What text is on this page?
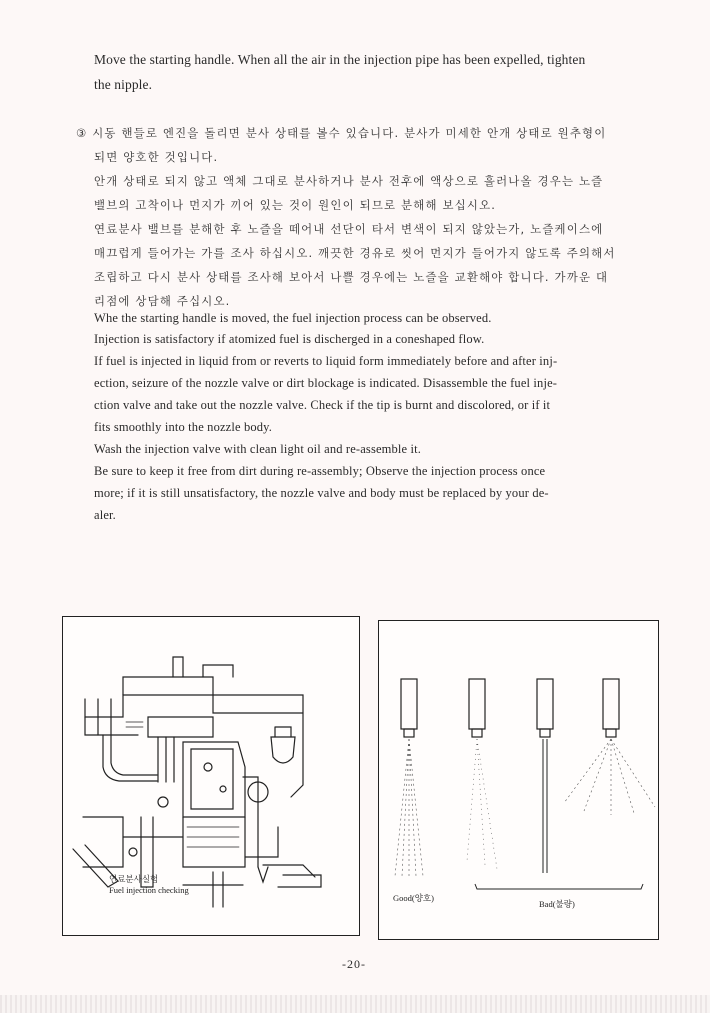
Move the starting handle. When all the air in the injection pipe has been expelled, tighten

the nipple.

③ 시동 핸들로 엔진을 돌리면 분사 상태를 볼수 있습니다. 분사가 미세한 안개 상태로 원추형이

되면 양호한 것입니다.

안개 상태로 되지 않고 액체 그대로 분사하거나 분사 전후에 액상으로 흘러나올 경우는 노즐

밸브의 고착이나 먼지가 끼어 있는 것이 원인이 되므로 분해해 보십시오.

연료분사 밸브를 분해한 후 노즐을 떼어내 선단이 타서 변색이 되지 않았는가, 노즐케이스에

매끄럽게 들어가는 가를 조사 하십시오. 깨끗한 경유로 씻어 먼지가 들어가지 않도록 주의해서

조립하고 다시 분사 상태를 조사해 보아서 나쁠 경우에는 노즐을 교환해야 합니다. 가까운 대

리점에 상담해 주십시오.

Whe the starting handle is moved, the fuel injection process can be observed.

Injection is satisfactory if atomized fuel is discherged in a coneshaped flow.

If fuel is injected in liquid from or reverts to liquid form immediately before and after inj-

ection, seizure of the nozzle valve or dirt blockage is indicated. Disassemble the fuel inje-

ction valve and take out the nozzle valve. Check if the tip is burnt and discolored, or if it

fits smoothly into the nozzle body.

Wash the injection valve with clean light oil and re-assemble it.

Be sure to keep it free from dirt during re-assembly; Observe the injection process once

more; if it is still unsatisfactory, the nozzle valve and body must be replaced by your de-

aler.

연료분사실험
Fuel injection checking
Good(양호)
Bad(불량)

-20-
